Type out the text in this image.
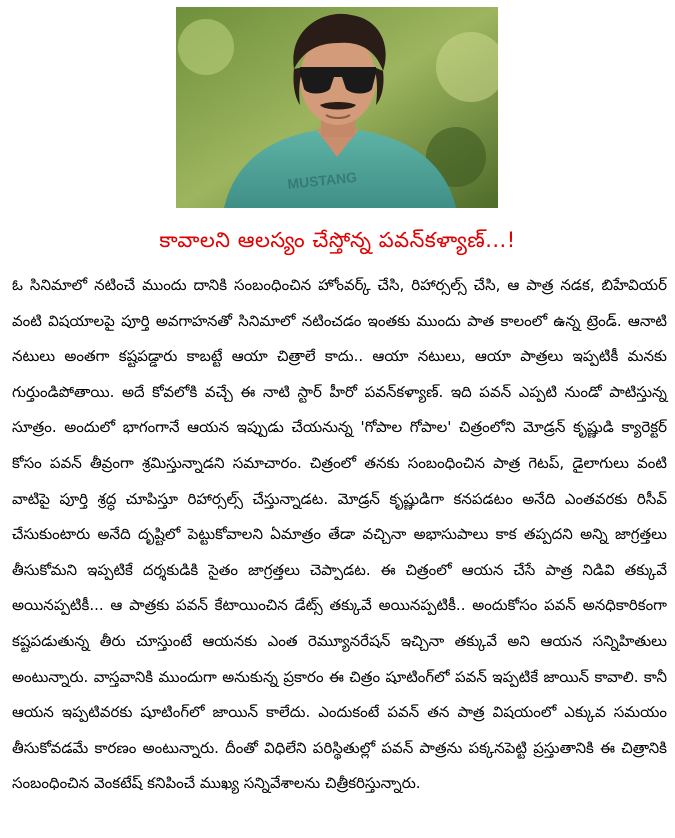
MUSTANG
కావాలని ఆలస్యం చేస్తోన్న పవన్‌కళ్యాణ్...!

ఓ సినిమాలో నటించే ముందు దానికి సంబంధించిన హోంవర్క్ చేసి, రిహార్సల్స్ చేసి, ఆ పాత్ర నడక, బిహేవియర్ వంటి విషయాలపై పూర్తి అవగాహనతో సినిమాలో నటించడం ఇంతకు ముందు పాత కాలంలో ఉన్న ట్రెండ్. ఆనాటి నటులు అంతగా కష్టపడ్డారు కాబట్టే ఆయా చిత్రాలే కాదు.. ఆయా నటులు, ఆయా పాత్రలు ఇప్పటికీ మనకు గుర్తుండిపోతాయి. అదే కోవలోకి వచ్చే ఈ నాటి స్టార్ హీరో పవన్‌కళ్యాణ్. ఇది పవన్ ఎప్పటి నుండో పాటిస్తున్న సూత్రం. అందులో భాగంగానే ఆయన ఇప్పుడు చేయనున్న 'గోపాల గోపాల' చిత్రంలోని మోడ్రన్ కృష్ణుడి క్యారెక్టర్ కోసం పవన్ తీవ్రంగా శ్రమిస్తున్నాడని సమాచారం. చిత్రంలో తనకు సంబంధించిన పాత్ర గెటప్, డైలాగులు వంటి వాటిపై పూర్తి శ్రద్ధ చూపిస్తూ రిహార్సల్స్ చేస్తున్నాడట. మోడ్రన్ కృష్ణుడిగా కనపడటం అనేది ఎంతవరకు రిసీవ్ చేసుకుంటారు అనేది దృష్టిలో పెట్టుకోవాలని ఏమాత్రం తేడా వచ్చినా అభాసుపాలు కాక తప్పదని అన్ని జాగ్రత్తలు తీసుకోమని ఇప్పటికే దర్శకుడికి సైతం జాగ్రత్తలు చెప్పాడట. ఈ చిత్రంలో ఆయన చేసే పాత్ర నిడివి తక్కువే అయినప్పటికీ... ఆ పాత్రకు పవన్ కేటాయించిన డేట్స్ తక్కువే అయినప్పటికీ.. అందుకోసం పవన్ అనధికారికంగా కష్టపడుతున్న తీరు చూస్తుంటే ఆయనకు ఎంత రెమ్యూనరేషన్ ఇచ్చినా తక్కువే అని ఆయన సన్నిహితులు అంటున్నారు. వాస్తవానికి ముందుగా అనుకున్న ప్రకారం ఈ చిత్రం షూటింగ్‌లో పవన్ ఇప్పటికే జాయిన్ కావాలి. కానీ ఆయన ఇప్పటివరకు షూటింగ్‌లో జాయిన్ కాలేదు. ఎందుకంటే పవన్ తన పాత్ర విషయంలో ఎక్కువ సమయం తీసుకోవడమే కారణం అంటున్నారు. దీంతో విధిలేని పరిస్థితుల్లో పవన్ పాత్రను పక్కనపెట్టి ప్రస్తుతానికి ఈ చిత్రానికి సంబంధించిన వెంకటేష్ కనిపించే ముఖ్య సన్నివేశాలను చిత్రీకరిస్తున్నారు.
